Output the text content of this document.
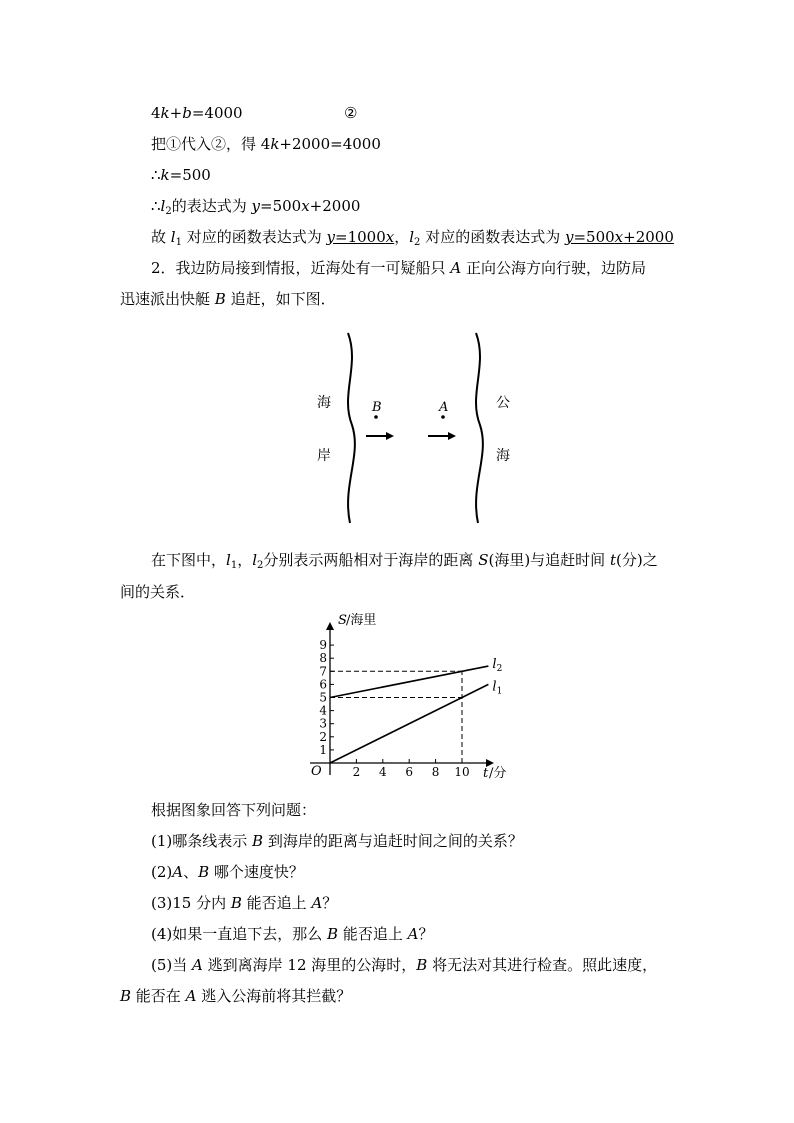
4k+b=4000	②
把①代入②，得 4k+2000=4000
∴k=500
$\therefore l_2$的表达式为 y=500x+2000
故 $l_1$ 对应的函数表达式为 y=1000x，$l_2$ 对应的函数表达式为 y=500x+2000
2．我边防局接到情报，近海处有一可疑船只 A 正向公海方向行驶，边防局
迅速派出快艇 B 追赶，如下图．
海
岸
公
海
B	A
在下图中，$l_1$，$l_2$分别表示两船相对于海岸的距离 S(海里)与追赶时间 t(分)之
间的关系．
2 4 6 8 10
1
2
3
4
5
6
7
8
9
$l_1$
$l_2$
S /海里
t /分
O
根据图象回答下列问题：
(1)哪条线表示 B 到海岸的距离与追赶时间之间的关系？
(2)A、B 哪个速度快？
(3)15 分内 B 能否追上 A？
(4)如果一直追下去，那么 B 能否追上 A？
(5)当 A 逃到离海岸 12 海里的公海时，B 将无法对其进行检查。照此速度，
B 能否在 A 逃入公海前将其拦截？
